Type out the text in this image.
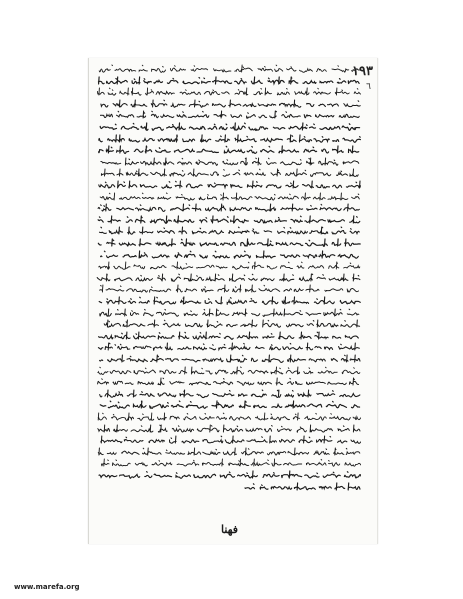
۱۹۳
٦
فهنا
www.marefa.org
